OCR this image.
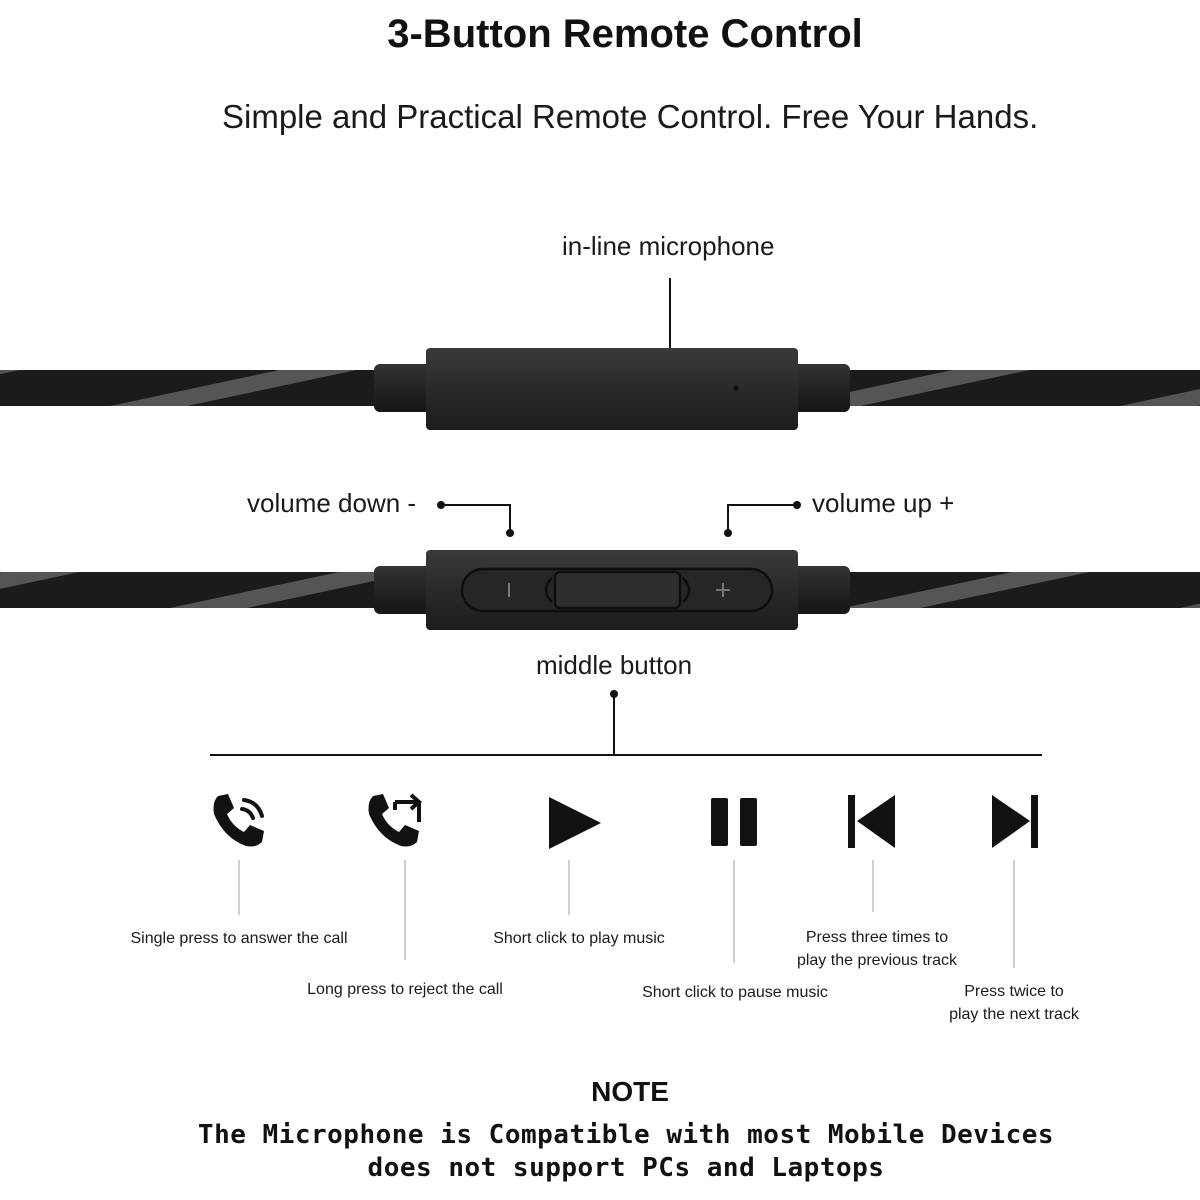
3-Button Remote Control
Simple and Practical Remote Control. Free Your Hands.
in-line microphone
volume down -	volume up +
middle button
Single press to answer the call
Long press to reject the call
Short click to play music
Short click to pause music
Press three times to
play the previous track
Press twice to
play the next track
NOTE
The Microphone is Compatible with most Mobile Devices
does not support PCs and Laptops
